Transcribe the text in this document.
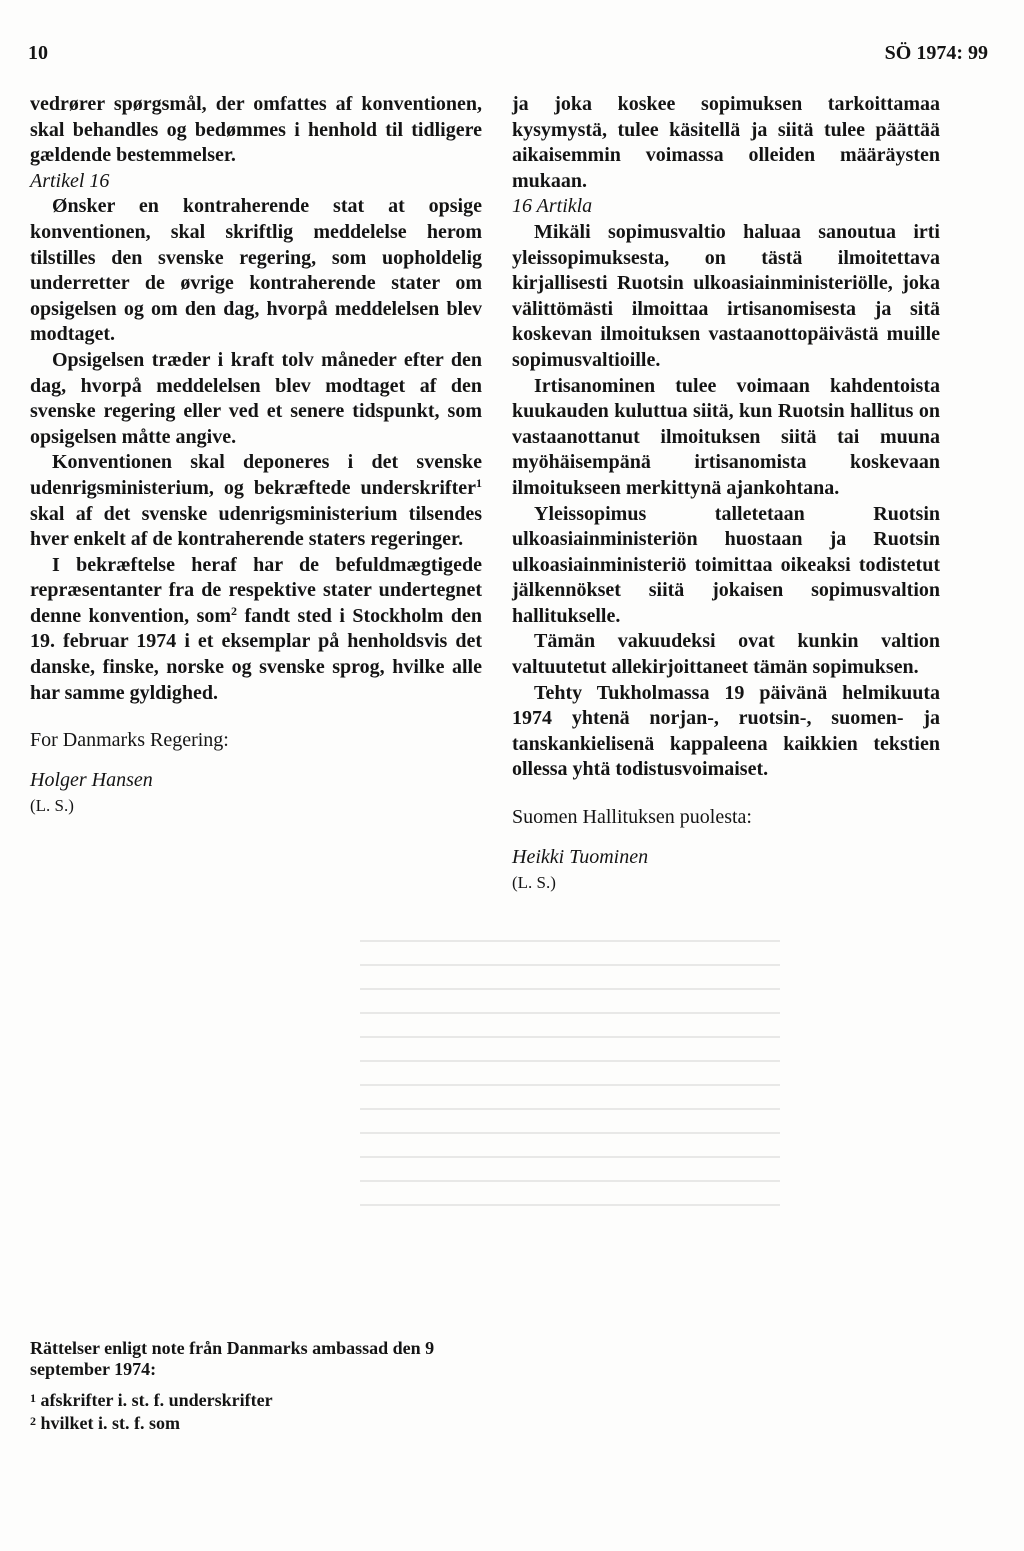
10	SÖ 1974: 99

vedrører spørgsmål, der omfattes af konventionen, skal behandles og bedømmes i henhold til tidligere gældende bestemmelser.

Artikel 16

Ønsker en kontraherende stat at opsige konventionen, skal skriftlig meddelelse herom tilstilles den svenske regering, som uopholdelig underretter de øvrige kontraherende stater om opsigelsen og om den dag, hvorpå meddelelsen blev modtaget.

Opsigelsen træder i kraft tolv måneder efter den dag, hvorpå meddelelsen blev modtaget af den svenske regering eller ved et senere tidspunkt, som opsigelsen måtte angive.

Konventionen skal deponeres i det svenske udenrigsministerium, og bekræftede underskrifter$^1$ skal af det svenske udenrigsministerium tilsendes hver enkelt af de kontraherende staters regeringer.

I bekræftelse heraf har de befuldmægtigede repræsentanter fra de respektive stater undertegnet denne konvention, som$^2$ fandt sted i Stockholm den 19. februar 1974 i et eksemplar på henholdsvis det danske, finske, norske og svenske sprog, hvilke alle har samme gyldighed.

For Danmarks Regering:
Holger Hansen
(L. S.)

ja joka koskee sopimuksen tarkoittamaa kysymystä, tulee käsitellä ja siitä tulee päättää aikaisemmin voimassa olleiden määräysten mukaan.

16 Artikla

Mikäli sopimusvaltio haluaa sanoutua irti yleissopimuksesta, on tästä ilmoitettava kirjallisesti Ruotsin ulkoasiainministeriölle, joka välittömästi ilmoittaa irtisanomisesta ja sitä koskevan ilmoituksen vastaanottopäivästä muille sopimusvaltioille.

Irtisanominen tulee voimaan kahdentoista kuukauden kuluttua siitä, kun Ruotsin hallitus on vastaanottanut ilmoituksen siitä tai muuna myöhäisempänä irtisanomista koskevaan ilmoitukseen merkittynä ajankohtana.

Yleissopimus talletetaan Ruotsin ulkoasiainministeriön huostaan ja Ruotsin ulkoasiainministeriö toimittaa oikeaksi todistetut jälkennökset siitä jokaisen sopimusvaltion hallitukselle.

Tämän vakuudeksi ovat kunkin valtion valtuutetut allekirjoittaneet tämän sopimuksen.

Tehty Tukholmassa 19 päivänä helmikuuta 1974 yhtenä norjan-, ruotsin-, suomen- ja tanskankielisenä kappaleena kaikkien tekstien ollessa yhtä todistusvoimaiset.

Suomen Hallituksen puolesta:
Heikki Tuominen
(L. S.)

Rättelser enligt note från Danmarks ambassad den 9 september 1974:

$^1$ afskrifter i. st. f. underskrifter

$^2$ hvilket i. st. f. som
